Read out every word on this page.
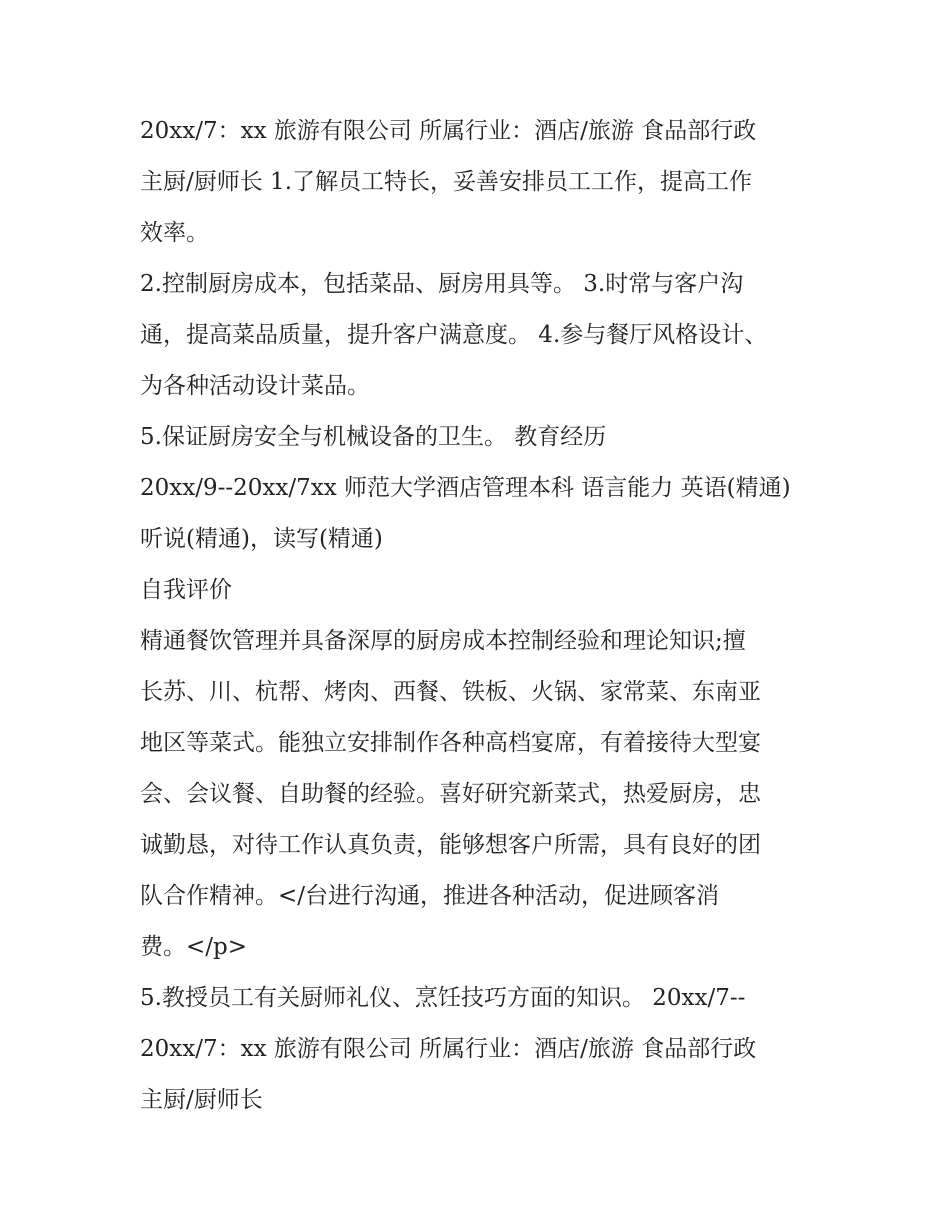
20xx/7：xx 旅游有限公司 所属行业：酒店/旅游 食品部行政
主厨/厨师长 1.了解员工特长，妥善安排员工工作，提高工作
效率。
2.控制厨房成本，包括菜品、厨房用具等。 3.时常与客户沟
通，提高菜品质量，提升客户满意度。 4.参与餐厅风格设计、
为各种活动设计菜品。
5.保证厨房安全与机械设备的卫生。 教育经历
20xx/9--20xx/7xx 师范大学酒店管理本科 语言能力 英语(精通)
听说(精通)，读写(精通)
自我评价
精通餐饮管理并具备深厚的厨房成本控制经验和理论知识;擅
长苏、川、杭帮、烤肉、西餐、铁板、火锅、家常菜、东南亚
地区等菜式。能独立安排制作各种高档宴席，有着接待大型宴
会、会议餐、自助餐的经验。喜好研究新菜式，热爱厨房，忠
诚勤恳，对待工作认真负责，能够想客户所需，具有良好的团
队合作精神。</台进行沟通，推进各种活动，促进顾客消
费。</p>
5.教授员工有关厨师礼仪、烹饪技巧方面的知识。 20xx/7--
20xx/7：xx 旅游有限公司 所属行业：酒店/旅游 食品部行政
主厨/厨师长
